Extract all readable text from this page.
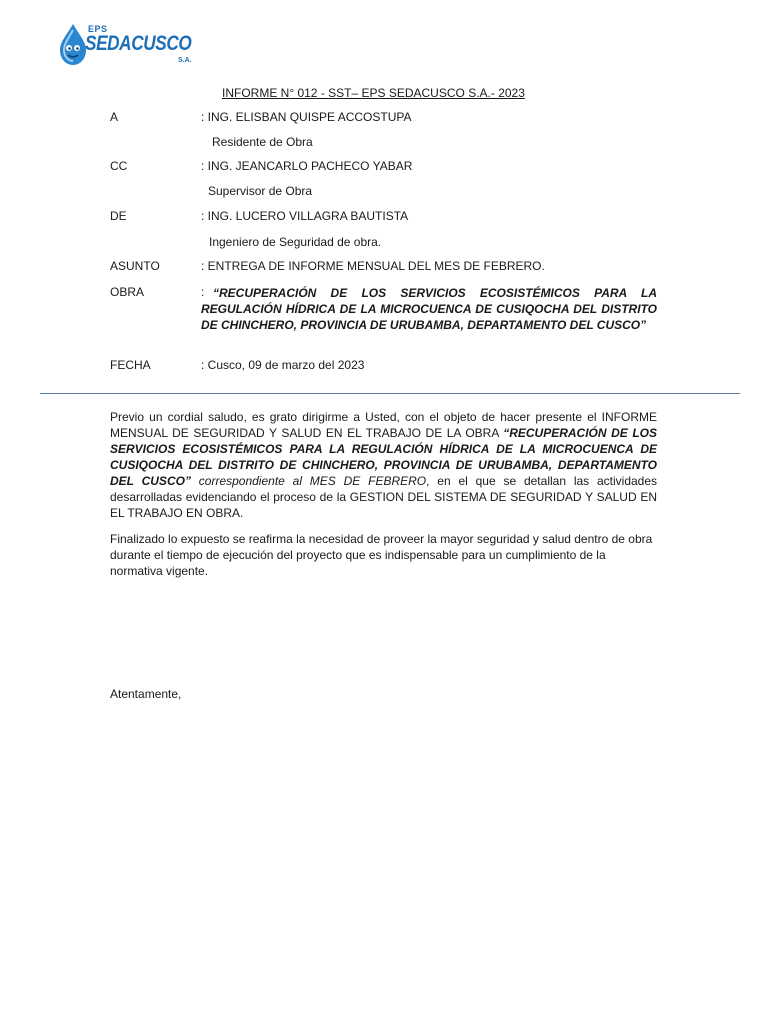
EPS
SEDACUSCO
S.A.
INFORME N° 012 - SST– EPS SEDACUSCO S.A.- 2023
A	: ING. ELISBAN QUISPE ACCOSTUPA
Residente de Obra
CC	: ING. JEANCARLO PACHECO YABAR
Supervisor de Obra
DE	: ING. LUCERO VILLAGRA BAUTISTA
Ingeniero de Seguridad de obra.
ASUNTO	: ENTREGA DE INFORME MENSUAL DEL MES DE FEBRERO.
OBRA	: “RECUPERACIÓN DE LOS SERVICIOS ECOSISTÉMICOS PARA LA REGULACIÓN HÍDRICA DE LA MICROCUENCA DE CUSIQOCHA DEL DISTRITO DE CHINCHERO, PROVINCIA DE URUBAMBA, DEPARTAMENTO DEL CUSCO”
FECHA	: Cusco, 09 de marzo del 2023
Previo un cordial saludo, es grato dirigirme a Usted, con el objeto de hacer presente el INFORME MENSUAL DE SEGURIDAD Y SALUD EN EL TRABAJO DE LA OBRA “RECUPERACIÓN DE LOS SERVICIOS ECOSISTÉMICOS PARA LA REGULACIÓN HÍDRICA DE LA MICROCUENCA DE CUSIQOCHA DEL DISTRITO DE CHINCHERO, PROVINCIA DE URUBAMBA, DEPARTAMENTO DEL CUSCO” correspondiente al MES DE FEBRERO, en el que se detallan las actividades desarrolladas evidenciando el proceso de la GESTION DEL SISTEMA DE SEGURIDAD Y SALUD EN EL TRABAJO EN OBRA.
Finalizado lo expuesto se reafirma la necesidad de proveer la mayor seguridad y salud dentro de obra durante el tiempo de ejecución del proyecto que es indispensable para un cumplimiento de la normativa vigente.
Atentamente,
